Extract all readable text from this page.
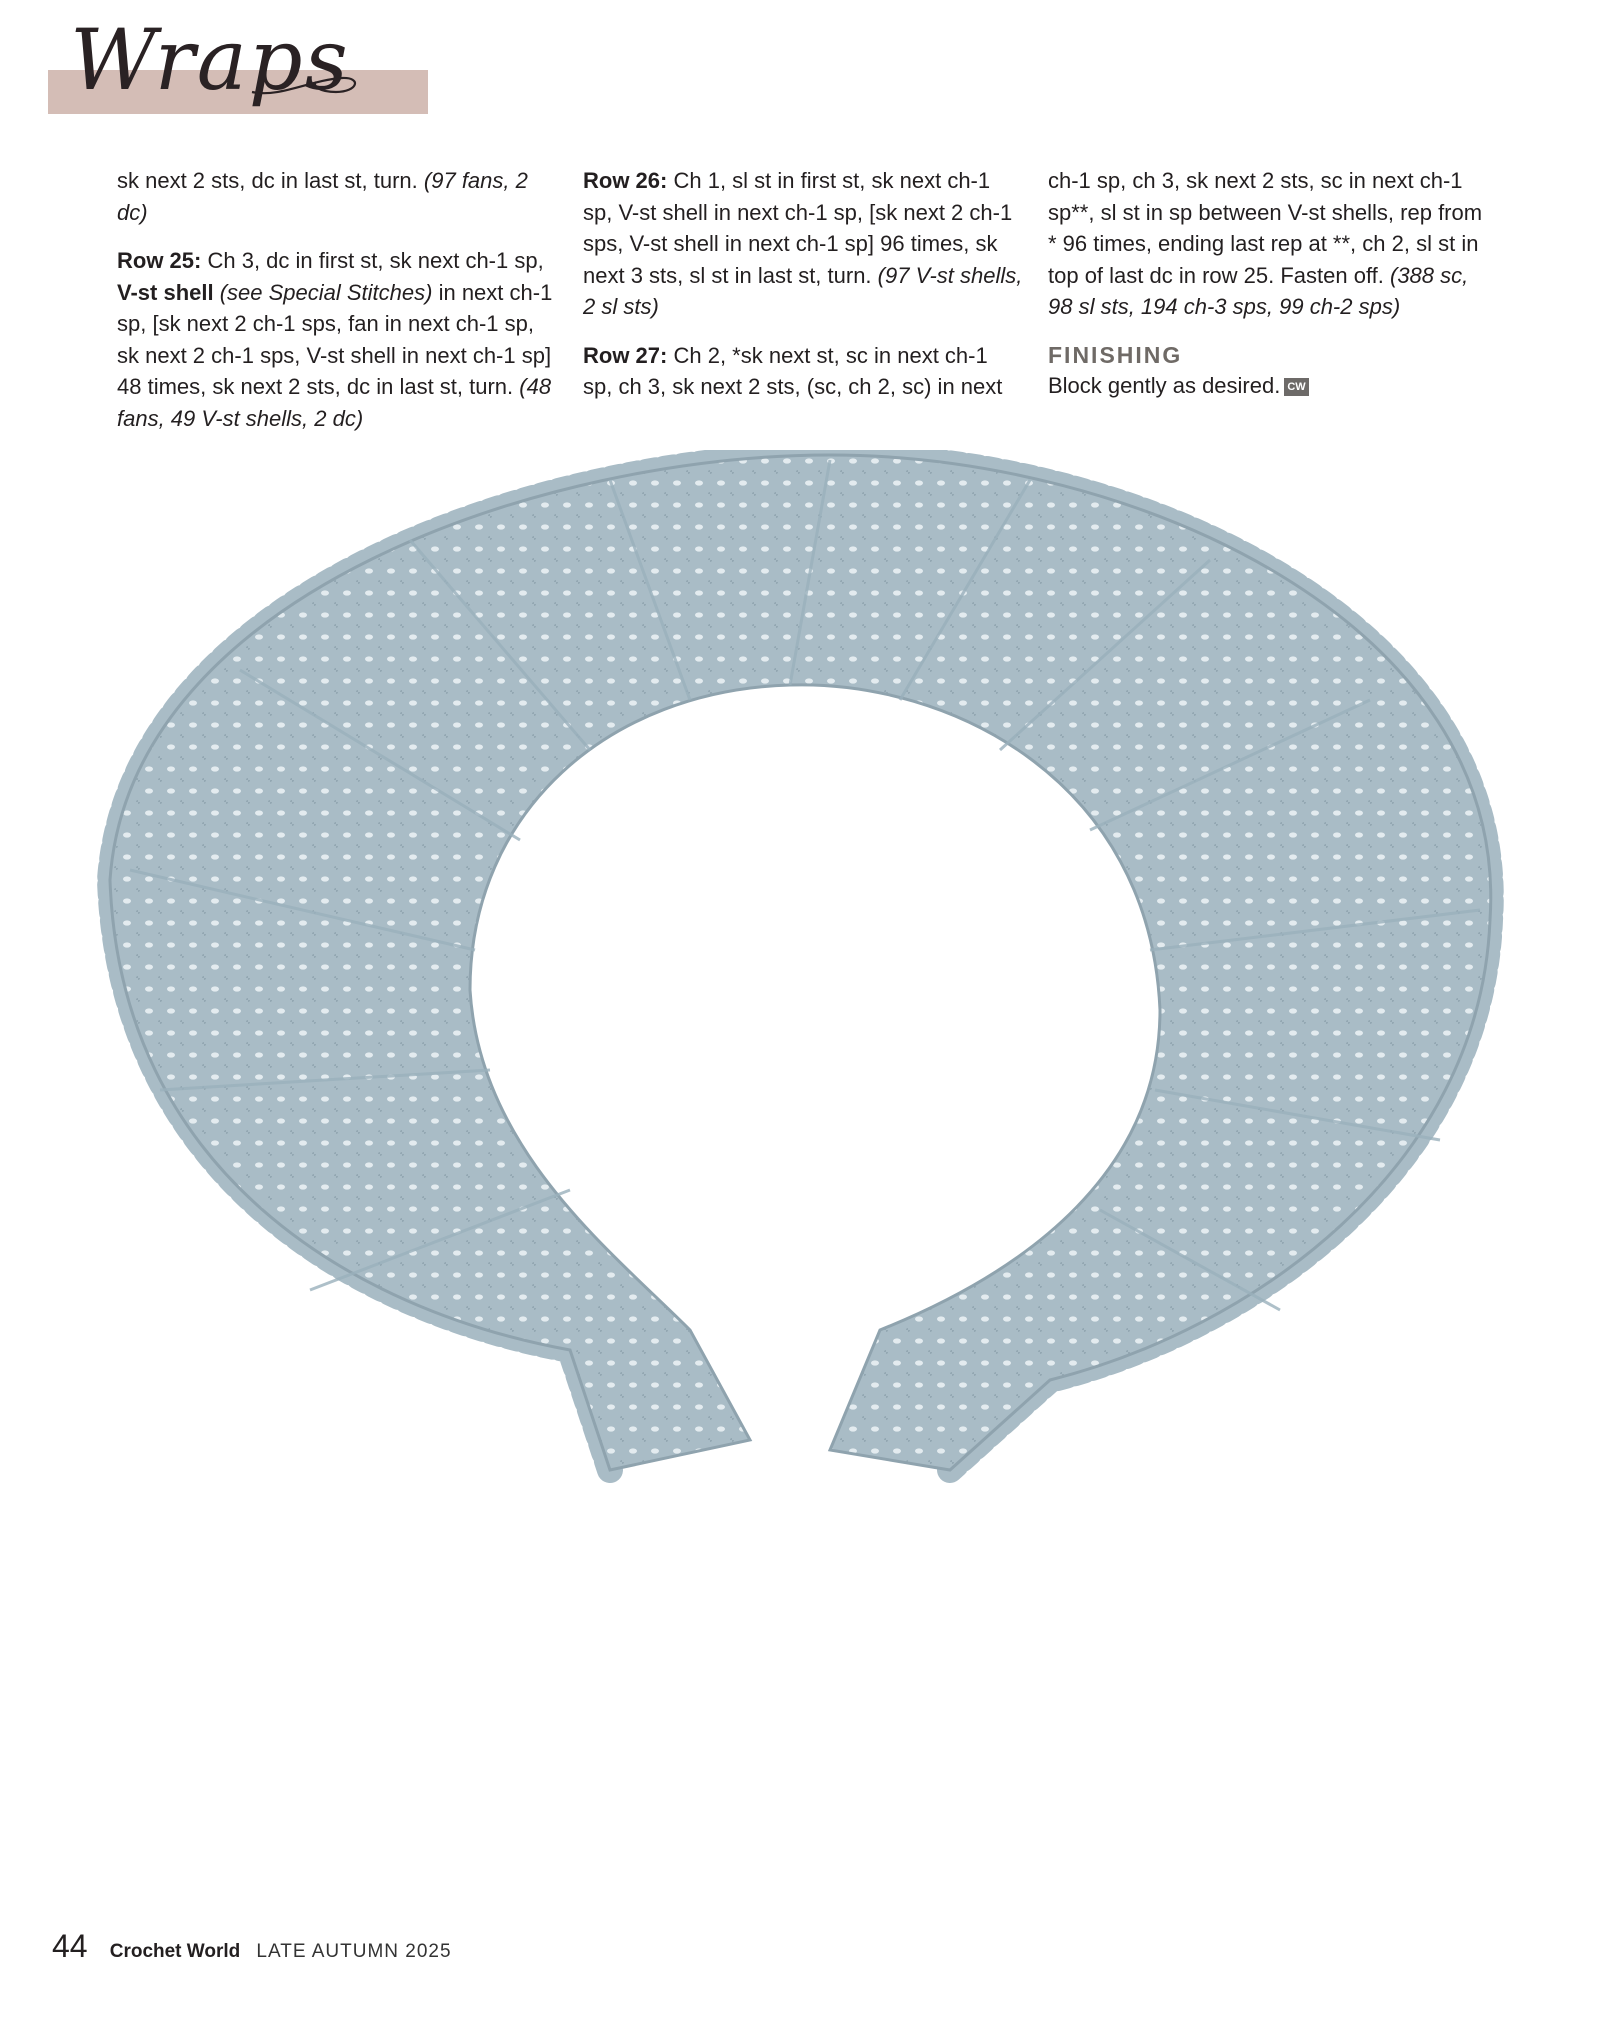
Wraps

sk next 2 sts, dc in last st, turn. (97 fans, 2 dc)

Row 25: Ch 3, dc in first st, sk next ch-1 sp, V-st shell (see Special Stitches) in next ch-1 sp, [sk next 2 ch-1 sps, fan in next ch-1 sp, sk next 2 ch-1 sps, V-st shell in next ch-1 sp] 48 times, sk next 2 sts, dc in last st, turn. (48 fans, 49 V-st shells, 2 dc)

Row 26: Ch 1, sl st in first st, sk next ch-1 sp, V-st shell in next ch-1 sp, [sk next 2 ch-1 sps, V-st shell in next ch-1 sp] 96 times, sk next 3 sts, sl st in last st, turn. (97 V-st shells, 2 sl sts)

Row 27: Ch 2, *sk next st, sc in next ch-1 sp, ch 3, sk next 2 sts, (sc, ch 2, sc) in next

ch-1 sp, ch 3, sk next 2 sts, sc in next ch-1 sp**, sl st in sp between V-st shells, rep from * 96 times, ending last rep at **, ch 2, sl st in top of last dc in row 25. Fasten off. (388 sc, 98 sl sts, 194 ch-3 sps, 99 ch-2 sps)

FINISHING

Block gently as desired. CW

44 Crochet World LATE AUTUMN 2025
